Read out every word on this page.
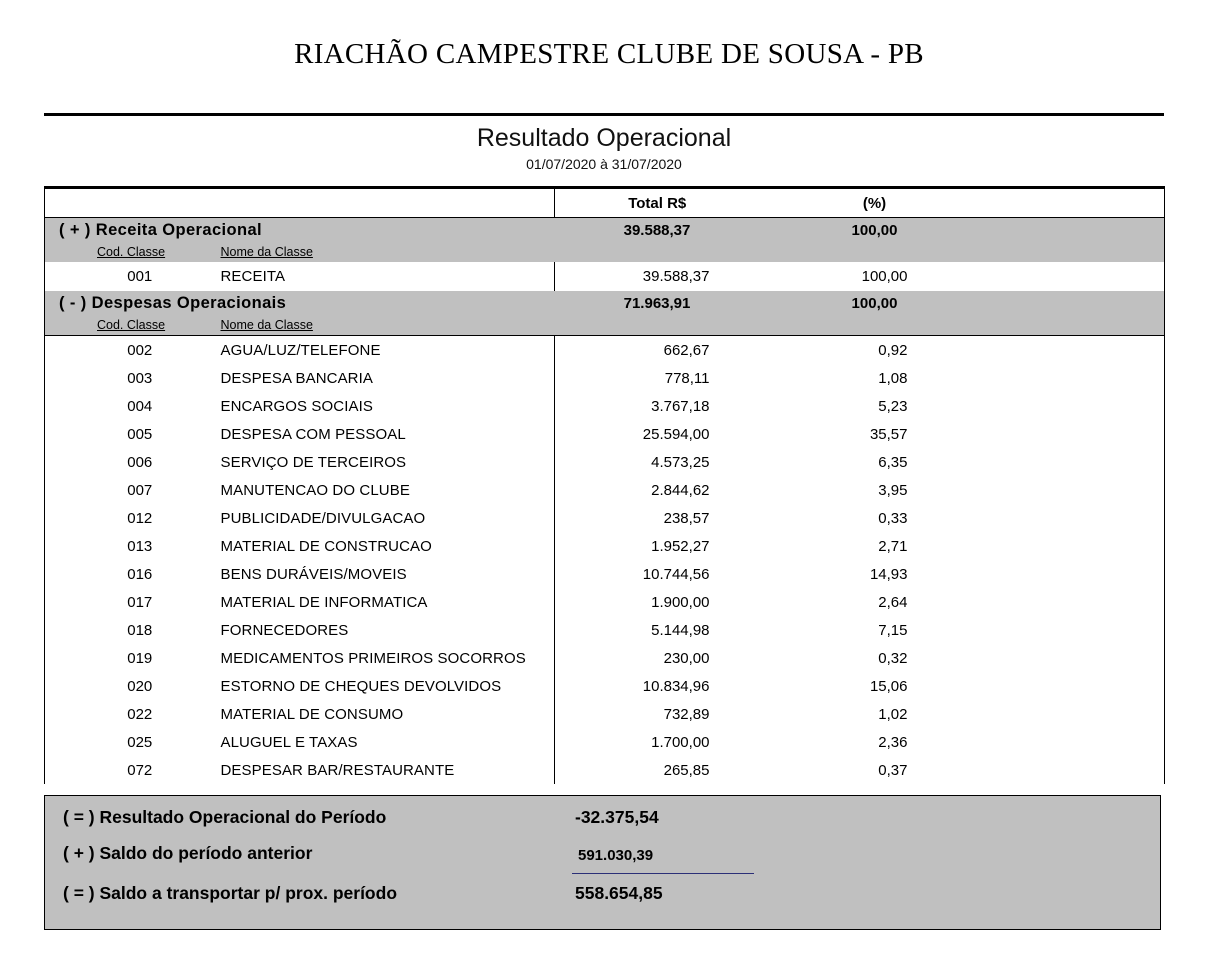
RIACHÃO CAMPESTRE CLUBE DE SOUSA - PB
Resultado Operacional
01/07/2020 à 31/07/2020
		Total R$	(%)	
( + ) Receita Operacional		39.588,37	100,00	
Cod. Classe	Nome da Classe			
001	RECEITA	39.588,37	100,00	
( - ) Despesas Operacionais		71.963,91	100,00	
Cod. Classe	Nome da Classe			

002	AGUA/LUZ/TELEFONE	662,67	0,92	
003	DESPESA BANCARIA	778,11	1,08	
004	ENCARGOS SOCIAIS	3.767,18	5,23	
005	DESPESA COM PESSOAL	25.594,00	35,57	
006	SERVIÇO DE TERCEIROS	4.573,25	6,35	
007	MANUTENCAO DO CLUBE	2.844,62	3,95	
012	PUBLICIDADE/DIVULGACAO	238,57	0,33	
013	MATERIAL DE CONSTRUCAO	1.952,27	2,71	
016	BENS DURÁVEIS/MOVEIS	10.744,56	14,93	
017	MATERIAL DE INFORMATICA	1.900,00	2,64	
018	FORNECEDORES	5.144,98	7,15	
019	MEDICAMENTOS PRIMEIROS SOCORROS	230,00	0,32	
020	ESTORNO DE CHEQUES DEVOLVIDOS	10.834,96	15,06	
022	MATERIAL DE CONSUMO	732,89	1,02	
025	ALUGUEL E TAXAS	1.700,00	2,36	
072	DESPESAR BAR/RESTAURANTE	265,85	0,37	
( = ) Resultado Operacional do Período	-32.375,54
( + ) Saldo do período anterior	591.030,39
( = ) Saldo a transportar p/ prox. período	558.654,85
